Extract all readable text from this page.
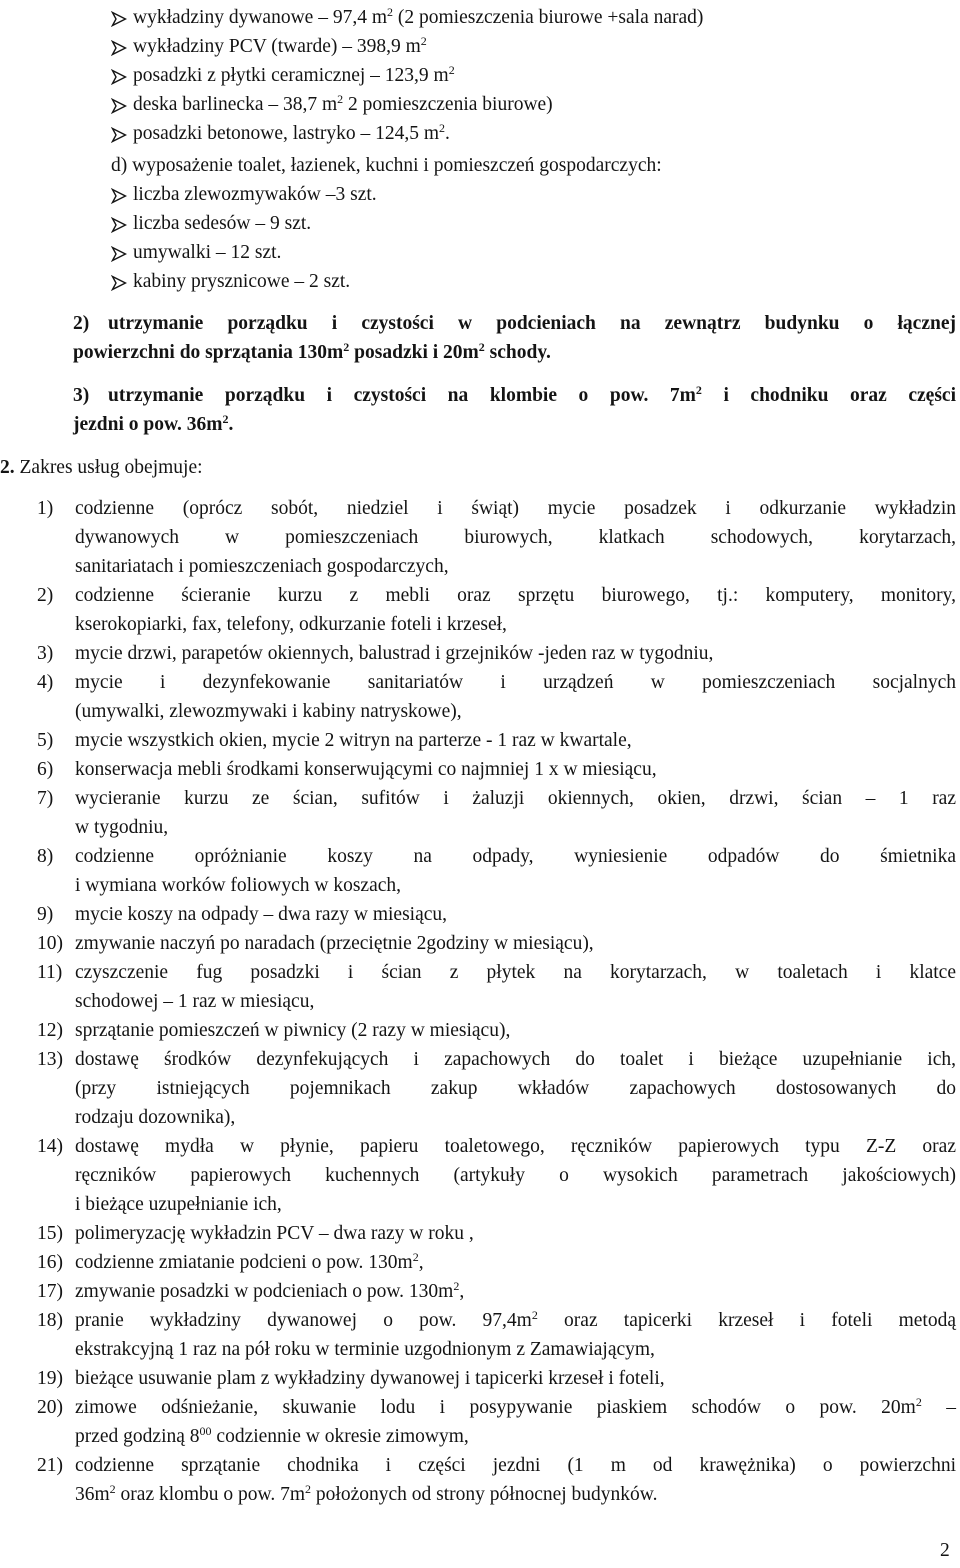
wykładziny dywanowe – 97,4 $m^2$ (2 pomieszczenia biurowe +sala narad)
wykładziny PCV (twarde) – 398,9 $m^2$
posadzki z płytki ceramicznej – 123,9 $m^2$
deska barlinecka – 38,7 $m^2$ 2 pomieszczenia biurowe)
posadzki betonowe, lastryko – 124,5 $m^2$.
d) wyposażenie toalet, łazienek, kuchni i pomieszczeń gospodarczych:
liczba zlewozmywaków –3 szt.
liczba sedesów – 9 szt.
umywalki – 12 szt.
kabiny prysznicowe – 2 szt.
2) utrzymanie porządku i czystości w podcieniach na zewnątrz budynku o łącznej
powierzchni do sprzątania $130m^2$ posadzki i $20m^2$ schody.
3) utrzymanie porządku i czystości na klombie o pow. $7m^2$ i chodniku oraz części
jezdni o pow. $36m^2$.
2. Zakres usług obejmuje:
1) codzienne (oprócz sobót, niedziel i świąt) mycie posadzek i odkurzanie wykładzin
dywanowych w pomieszczeniach biurowych, klatkach schodowych, korytarzach,
sanitariatach i pomieszczeniach gospodarczych,
2) codzienne ścieranie kurzu z mebli oraz sprzętu biurowego, tj.: komputery, monitory,
kserokopiarki, fax, telefony, odkurzanie foteli i krzeseł,
3) mycie drzwi, parapetów okiennych, balustrad i grzejników -jeden raz w tygodniu,
4) mycie i dezynfekowanie sanitariatów i urządzeń w pomieszczeniach socjalnych
(umywalki, zlewozmywaki i kabiny natryskowe),
5) mycie wszystkich okien, mycie 2 witryn na parterze - 1 raz w kwartale,
6) konserwacja mebli środkami konserwującymi co najmniej 1 x w miesiącu,
7) wycieranie kurzu ze ścian, sufitów i żaluzji okiennych, okien, drzwi, ścian – 1 raz
w tygodniu,
8) codzienne opróżnianie koszy na odpady, wyniesienie odpadów do śmietnika
i wymiana worków foliowych w koszach,
9) mycie koszy na odpady – dwa razy w miesiącu,
10) zmywanie naczyń po naradach (przeciętnie 2godziny w miesiącu),
11) czyszczenie fug posadzki i ścian z płytek na korytarzach, w toaletach i klatce
schodowej – 1 raz w miesiącu,
12) sprzątanie pomieszczeń w piwnicy (2 razy w miesiącu),
13) dostawę środków dezynfekujących i zapachowych do toalet i bieżące uzupełnianie ich,
(przy istniejących pojemnikach zakup wkładów zapachowych dostosowanych do
rodzaju dozownika),
14) dostawę mydła w płynie, papieru toaletowego, ręczników papierowych typu Z-Z oraz
ręczników papierowych kuchennych (artykuły o wysokich parametrach jakościowych)
i bieżące uzupełnianie ich,
15) polimeryzację wykładzin PCV – dwa razy w roku ,
16) codzienne zmiatanie podcieni o pow. $130m^2$,
17) zmywanie posadzki w podcieniach o pow. $130m^2$,
18) pranie wykładziny dywanowej o pow. $97,4m^2$ oraz tapicerki krzeseł i foteli metodą
ekstrakcyjną 1 raz na pół roku w terminie uzgodnionym z Zamawiającym,
19) bieżące usuwanie plam z wykładziny dywanowej i tapicerki krzeseł i foteli,
20) zimowe odśnieżanie, skuwanie lodu i posypywanie piaskiem schodów o pow. $20m^2$ –
przed godziną $8^{00}$ codziennie w okresie zimowym,
21) codzienne sprzątanie chodnika i części jezdni (1 m od krawężnika) o powierzchni
$36m^2$ oraz klombu o pow. $7m^2$ położonych od strony północnej budynków.
2
